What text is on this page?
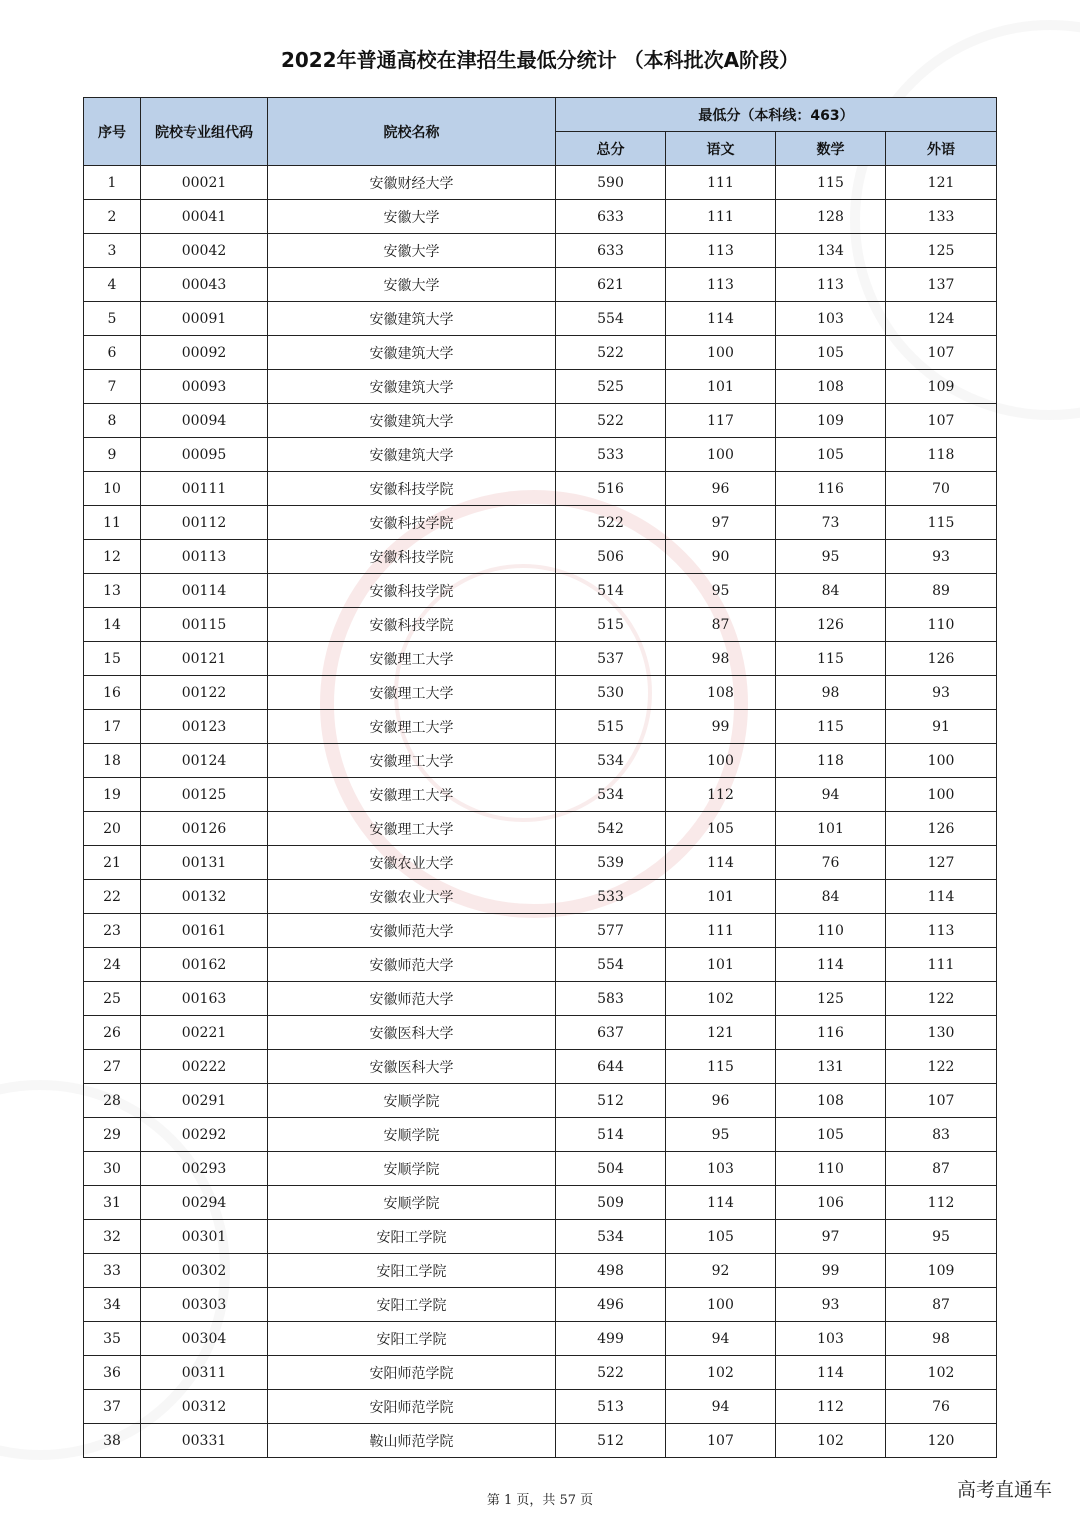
2022年普通高校在津招生最低分统计 （本科批次A阶段）
序号	院校专业组代码	院校名称	最低分（本科线：463）			
			总分	语文	数学	外语
1	00021	安徽财经大学	590	111	115	121
2	00041	安徽大学	633	111	128	133
3	00042	安徽大学	633	113	134	125
4	00043	安徽大学	621	113	113	137
5	00091	安徽建筑大学	554	114	103	124
6	00092	安徽建筑大学	522	100	105	107
7	00093	安徽建筑大学	525	101	108	109
8	00094	安徽建筑大学	522	117	109	107
9	00095	安徽建筑大学	533	100	105	118
10	00111	安徽科技学院	516	96	116	70
11	00112	安徽科技学院	522	97	73	115
12	00113	安徽科技学院	506	90	95	93
13	00114	安徽科技学院	514	95	84	89
14	00115	安徽科技学院	515	87	126	110
15	00121	安徽理工大学	537	98	115	126
16	00122	安徽理工大学	530	108	98	93
17	00123	安徽理工大学	515	99	115	91
18	00124	安徽理工大学	534	100	118	100
19	00125	安徽理工大学	534	112	94	100
20	00126	安徽理工大学	542	105	101	126
21	00131	安徽农业大学	539	114	76	127
22	00132	安徽农业大学	533	101	84	114
23	00161	安徽师范大学	577	111	110	113
24	00162	安徽师范大学	554	101	114	111
25	00163	安徽师范大学	583	102	125	122
26	00221	安徽医科大学	637	121	116	130
27	00222	安徽医科大学	644	115	131	122
28	00291	安顺学院	512	96	108	107
29	00292	安顺学院	514	95	105	83
30	00293	安顺学院	504	103	110	87
31	00294	安顺学院	509	114	106	112
32	00301	安阳工学院	534	105	97	95
33	00302	安阳工学院	498	92	99	109
34	00303	安阳工学院	496	100	93	87
35	00304	安阳工学院	499	94	103	98
36	00311	安阳师范学院	522	102	114	102
37	00312	安阳师范学院	513	94	112	76
38	00331	鞍山师范学院	512	107	102	120
第 1 页，共 57 页	高考直通车
